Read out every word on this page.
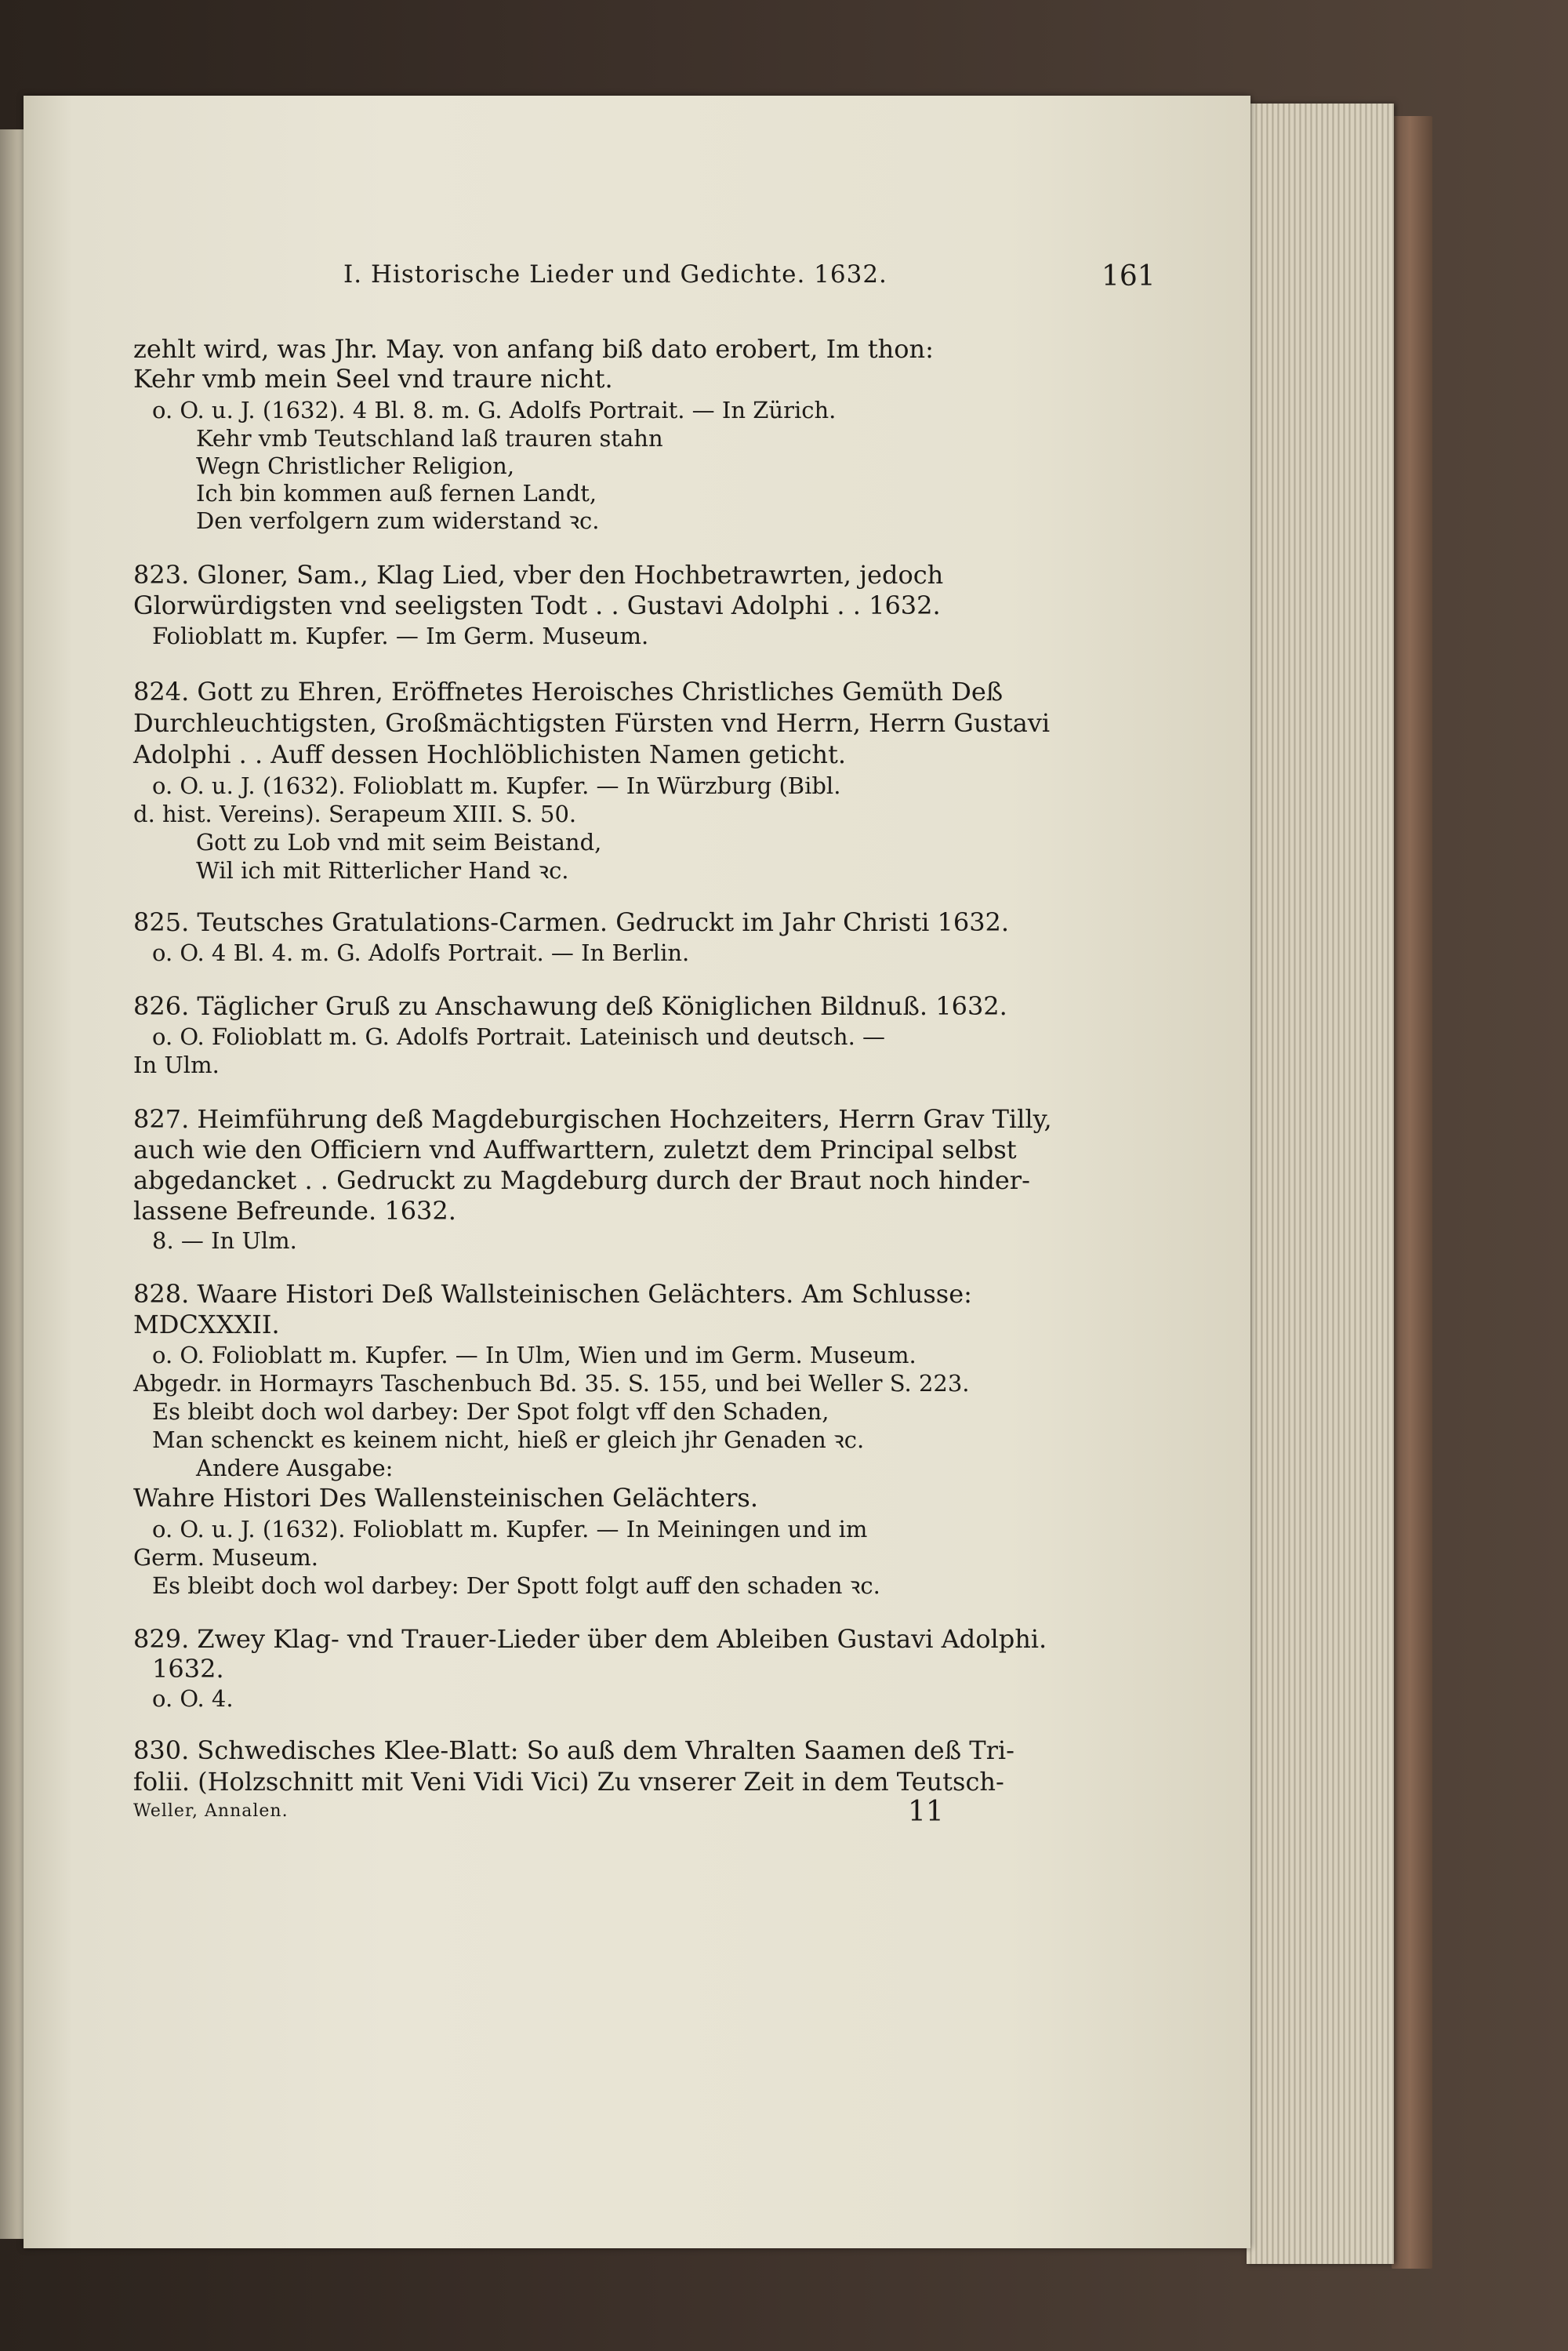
I. Historische Lieder und Gedichte. 1632.	161
zehlt wird, was Jhr. May. von anfang biß dato erobert, Im thon:
Kehr vmb mein Seel vnd traure nicht.
o. O. u. J. (1632). 4 Bl. 8. m. G. Adolfs Portrait. — In Zürich.
Kehr vmb Teutschland laß trauren stahn
Wegn Christlicher Religion,
Ich bin kommen auß fernen Landt,
Den verfolgern zum widerstand ꝛc.
823. Gloner, Sam., Klag Lied, vber den Hochbetrawrten, jedoch
Glorwürdigsten vnd seeligsten Todt . . Gustavi Adolphi . . 1632.
Folioblatt m. Kupfer. — Im Germ. Museum.
824. Gott zu Ehren, Eröffnetes Heroisches Christliches Gemüth Deß
Durchleuchtigsten, Großmächtigsten Fürsten vnd Herrn, Herrn Gustavi
Adolphi . . Auff dessen Hochlöblichisten Namen geticht.
o. O. u. J. (1632). Folioblatt m. Kupfer. — In Würzburg (Bibl.
d. hist. Vereins). Serapeum XIII. S. 50.
Gott zu Lob vnd mit seim Beistand,
Wil ich mit Ritterlicher Hand ꝛc.
825. Teutsches Gratulations-Carmen. Gedruckt im Jahr Christi 1632.
o. O. 4 Bl. 4. m. G. Adolfs Portrait. — In Berlin.
826. Täglicher Gruß zu Anschawung deß Königlichen Bildnuß. 1632.
o. O. Folioblatt m. G. Adolfs Portrait. Lateinisch und deutsch. —
In Ulm.
827. Heimführung deß Magdeburgischen Hochzeiters, Herrn Grav Tilly,
auch wie den Officiern vnd Auffwarttern, zuletzt dem Principal selbst
abgedancket . . Gedruckt zu Magdeburg durch der Braut noch hinder-
lassene Befreunde. 1632.
8. — In Ulm.
828. Waare Histori Deß Wallsteinischen Gelächters. Am Schlusse:
MDCXXXII.
o. O. Folioblatt m. Kupfer. — In Ulm, Wien und im Germ. Museum.
Abgedr. in Hormayrs Taschenbuch Bd. 35. S. 155, und bei Weller S. 223.
Es bleibt doch wol darbey: Der Spot folgt vff den Schaden,
Man schenckt es keinem nicht, hieß er gleich jhr Genaden ꝛc.
Andere Ausgabe:
Wahre Histori Des Wallensteinischen Gelächters.
o. O. u. J. (1632). Folioblatt m. Kupfer. — In Meiningen und im
Germ. Museum.
Es bleibt doch wol darbey: Der Spott folgt auff den schaden ꝛc.
829. Zwey Klag- vnd Trauer-Lieder über dem Ableiben Gustavi Adolphi.
1632.
o. O. 4.
830. Schwedisches Klee-Blatt: So auß dem Vhralten Saamen deß Tri-
folii. (Holzschnitt mit Veni Vidi Vici) Zu vnserer Zeit in dem Teutsch-
Weller, Annalen.	11
